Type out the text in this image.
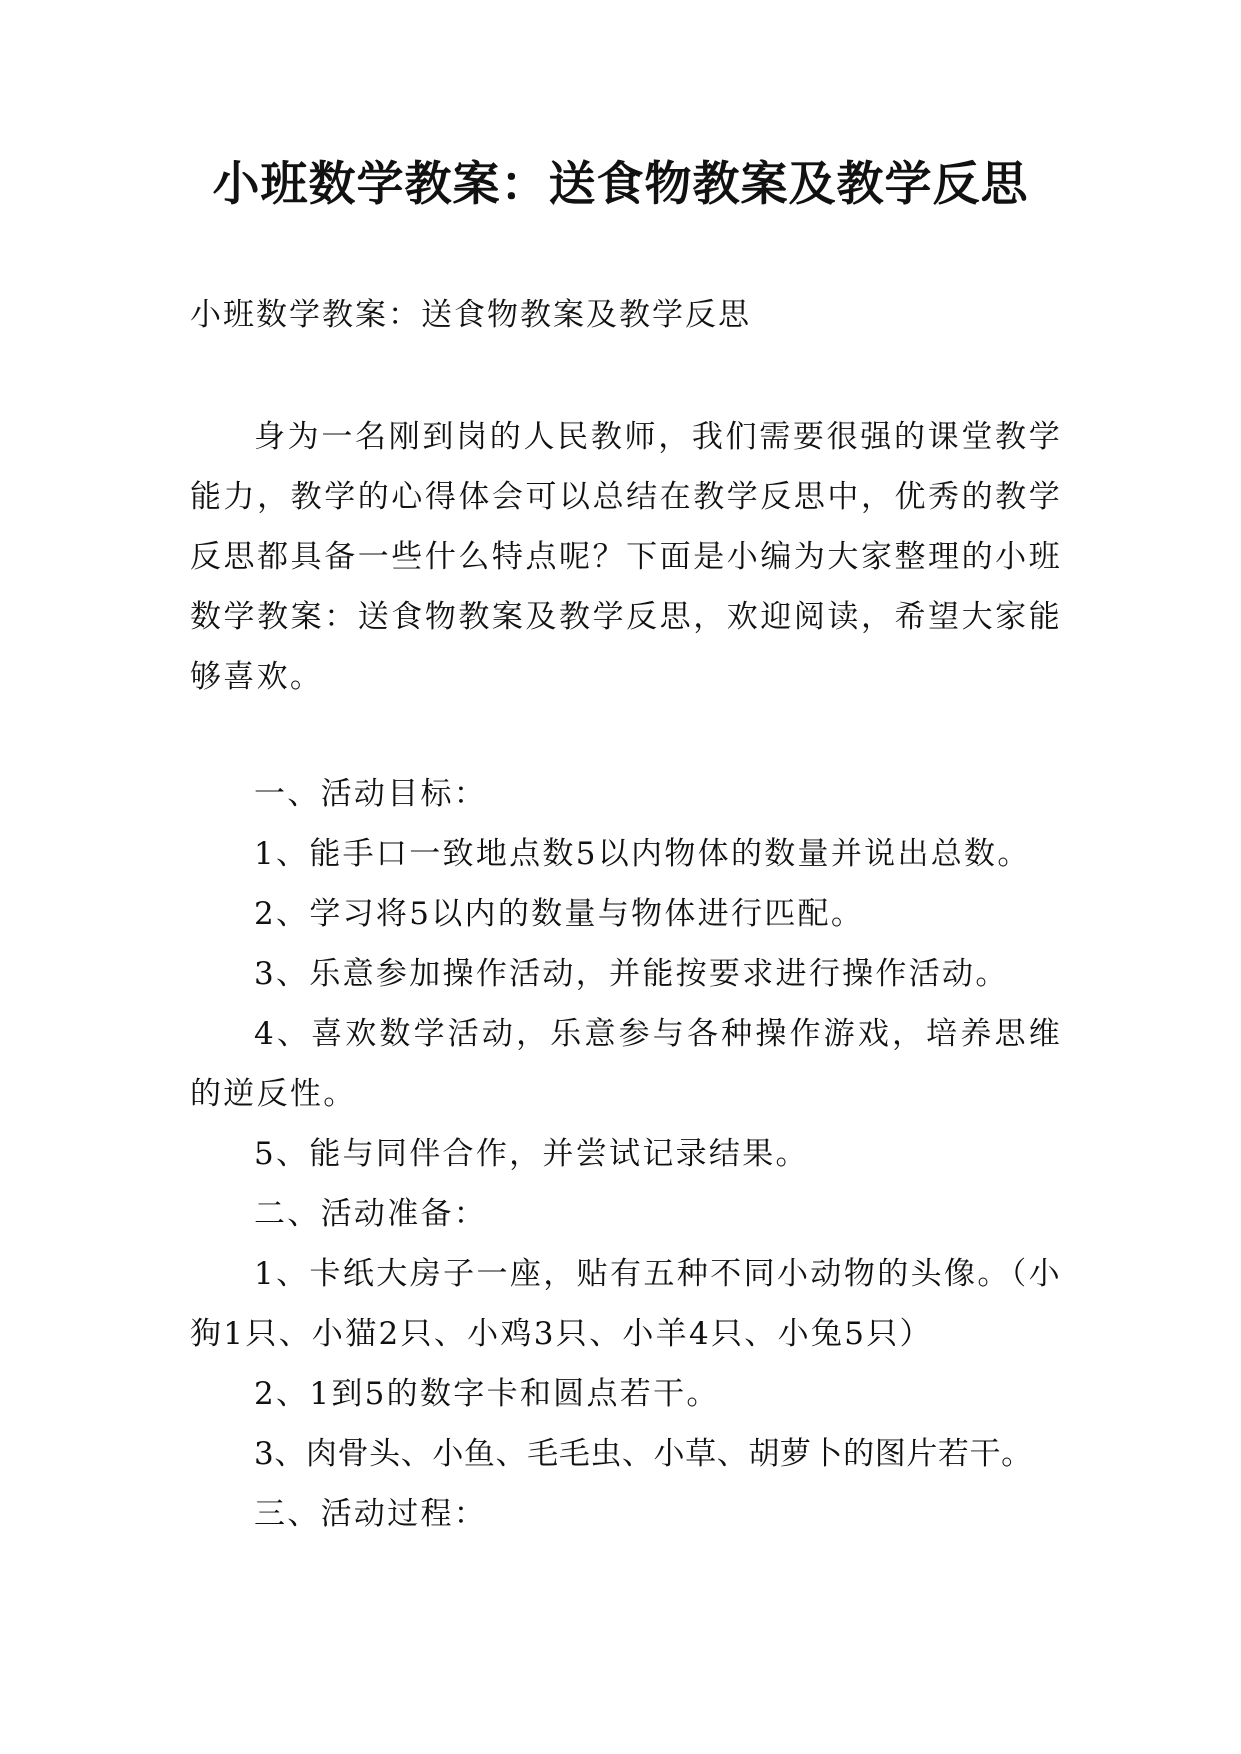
小班数学教案：送食物教案及教学反思

小班数学教案：送食物教案及教学反思

身为一名刚到岗的人民教师，我们需要很强的课堂教学能力，教学的心得体会可以总结在教学反思中，优秀的教学反思都具备一些什么特点呢？下面是小编为大家整理的小班数学教案：送食物教案及教学反思，欢迎阅读，希望大家能够喜欢。

一、活动目标：

1、能手口一致地点数5以内物体的数量并说出总数。

2、学习将5以内的数量与物体进行匹配。

3、乐意参加操作活动，并能按要求进行操作活动。

4、喜欢数学活动，乐意参与各种操作游戏，培养思维的逆反性。

5、能与同伴合作，并尝试记录结果。

二、活动准备：

1、卡纸大房子一座，贴有五种不同小动物的头像。（小狗1只、小猫2只、小鸡3只、小羊4只、小兔5只）

2、1到5的数字卡和圆点若干。

3、肉骨头、小鱼、毛毛虫、小草、胡萝卜的图片若干。

三、活动过程：
